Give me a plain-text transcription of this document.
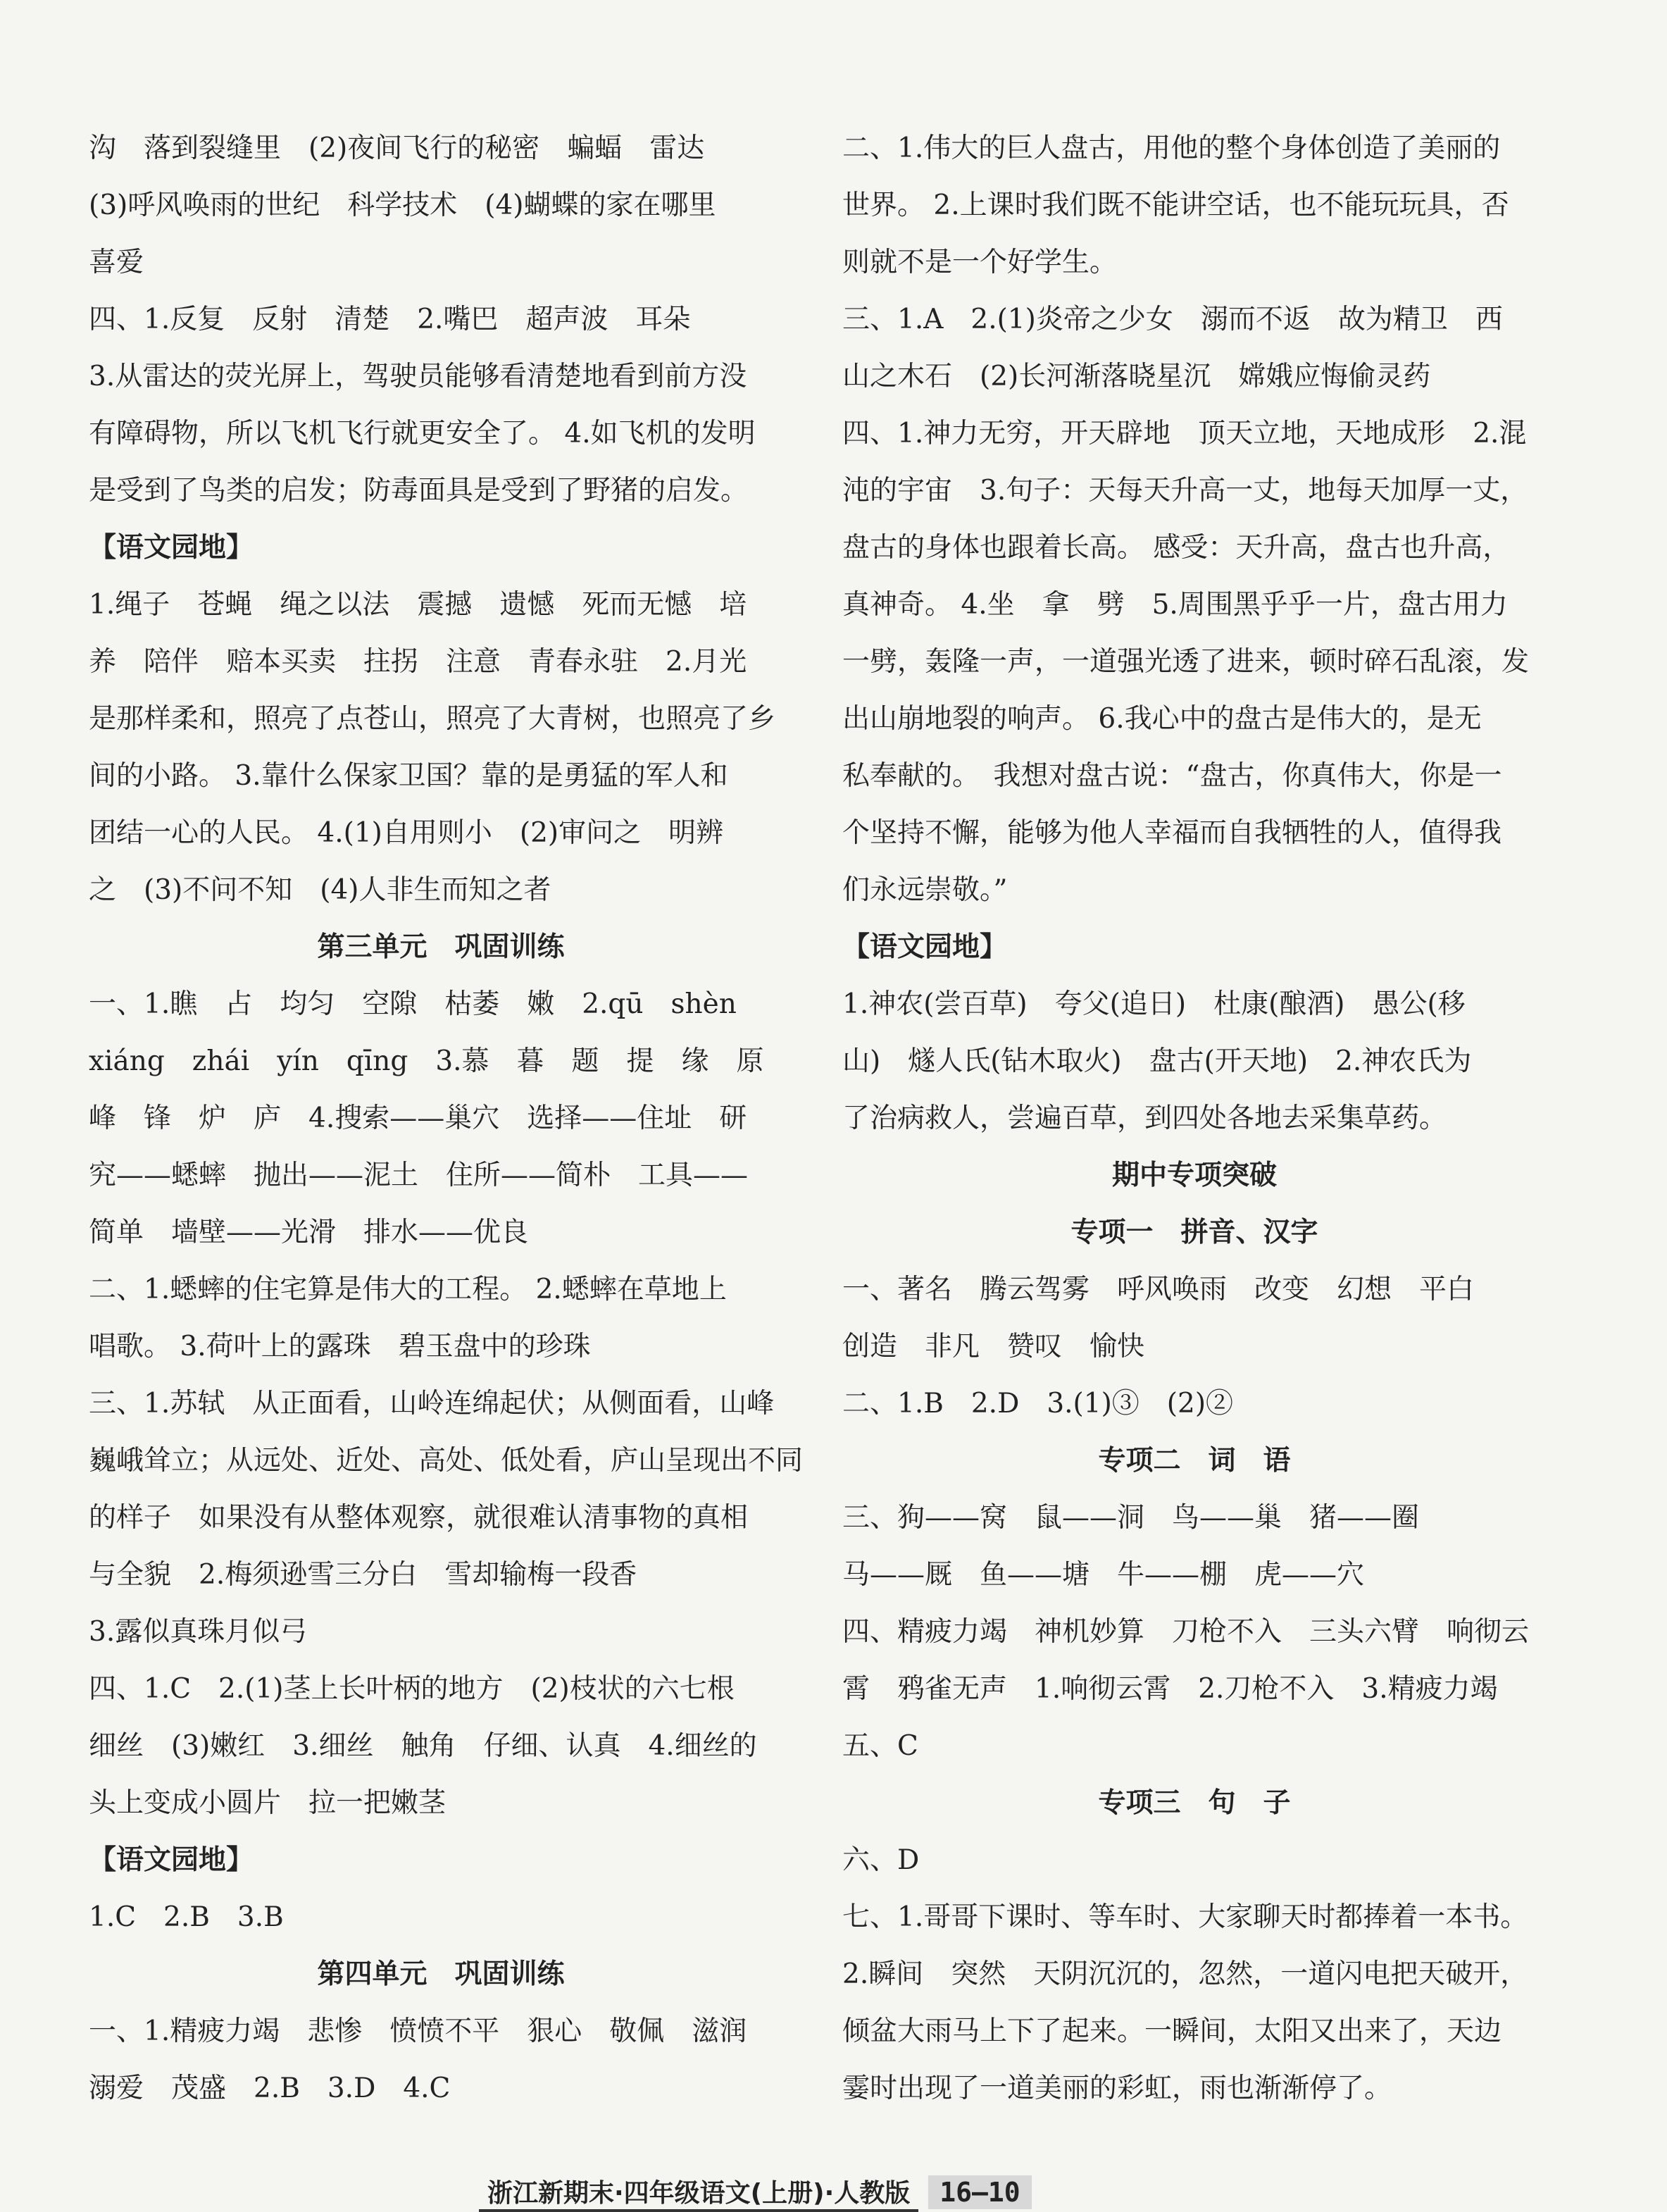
沟　落到裂缝里　(2)夜间飞行的秘密　蝙蝠　雷达
(3)呼风唤雨的世纪　科学技术　(4)蝴蝶的家在哪里
喜爱
四、1.反复　反射　清楚　2.嘴巴　超声波　耳朵
3.从雷达的荧光屏上，驾驶员能够看清楚地看到前方没
有障碍物，所以飞机飞行就更安全了。 4.如飞机的发明
是受到了鸟类的启发；防毒面具是受到了野猪的启发。
【语文园地】
1.绳子　苍蝇　绳之以法　震撼　遗憾　死而无憾　培
养　陪伴　赔本买卖　拄拐　注意　青春永驻　2.月光
是那样柔和，照亮了点苍山，照亮了大青树，也照亮了乡
间的小路。 3.靠什么保家卫国？靠的是勇猛的军人和
团结一心的人民。 4.(1)自用则小　(2)审问之　明辨
之　(3)不问不知　(4)人非生而知之者
第三单元　巩固训练
一、1.瞧　占　均匀　空隙　枯萎　嫩　2.qū　shèn
xiáng　zhái　yín　qīng　3.慕　暮　题　提　缘　原
峰　锋　炉　庐　4.搜索——巢穴　选择——住址　研
究——蟋蟀　抛出——泥土　住所——简朴　工具——
简单　墙壁——光滑　排水——优良
二、1.蟋蟀的住宅算是伟大的工程。 2.蟋蟀在草地上
唱歌。 3.荷叶上的露珠　碧玉盘中的珍珠
三、1.苏轼　从正面看，山岭连绵起伏；从侧面看，山峰
巍峨耸立；从远处、近处、高处、低处看，庐山呈现出不同
的样子　如果没有从整体观察，就很难认清事物的真相
与全貌　2.梅须逊雪三分白　雪却输梅一段香
3.露似真珠月似弓
四、1.C　2.(1)茎上长叶柄的地方　(2)枝状的六七根
细丝　(3)嫩红　3.细丝　触角　仔细、认真　4.细丝的
头上变成小圆片　拉一把嫩茎
【语文园地】
1.C　2.B　3.B
第四单元　巩固训练
一、1.精疲力竭　悲惨　愤愤不平　狠心　敬佩　滋润
溺爱　茂盛　2.B　3.D　4.C
二、1.伟大的巨人盘古，用他的整个身体创造了美丽的
世界。 2.上课时我们既不能讲空话，也不能玩玩具，否
则就不是一个好学生。
三、1.A　2.(1)炎帝之少女　溺而不返　故为精卫　西
山之木石　(2)长河渐落晓星沉　嫦娥应悔偷灵药
四、1.神力无穷，开天辟地　顶天立地，天地成形　2.混
沌的宇宙　3.句子：天每天升高一丈，地每天加厚一丈，
盘古的身体也跟着长高。 感受：天升高，盘古也升高，
真神奇。 4.坐　拿　劈　5.周围黑乎乎一片，盘古用力
一劈，轰隆一声，一道强光透了进来，顿时碎石乱滚，发
出山崩地裂的响声。 6.我心中的盘古是伟大的，是无
私奉献的。　我想对盘古说：“盘古，你真伟大，你是一
个坚持不懈，能够为他人幸福而自我牺牲的人，值得我
们永远崇敬。”
【语文园地】
1.神农(尝百草)　夸父(追日)　杜康(酿酒)　愚公(移
山)　燧人氏(钻木取火)　盘古(开天地)　2.神农氏为
了治病救人，尝遍百草，到四处各地去采集草药。
期中专项突破
专项一　拼音、汉字
一、著名　腾云驾雾　呼风唤雨　改变　幻想　平白
创造　非凡　赞叹　愉快
二、1.B　2.D　3.(1)③　(2)②
专项二　词　语
三、狗——窝　鼠——洞　鸟——巢　猪——圈
马——厩　鱼——塘　牛——棚　虎——穴
四、精疲力竭　神机妙算　刀枪不入　三头六臂　响彻云
霄　鸦雀无声　1.响彻云霄　2.刀枪不入　3.精疲力竭
五、C
专项三　句　子
六、D
七、1.哥哥下课时、等车时、大家聊天时都捧着一本书。
2.瞬间　突然　天阴沉沉的，忽然，一道闪电把天破开，
倾盆大雨马上下了起来。一瞬间，太阳又出来了，天边
霎时出现了一道美丽的彩虹，雨也渐渐停了。
浙江新期末·四年级语文(上册)·人教版	16—10
